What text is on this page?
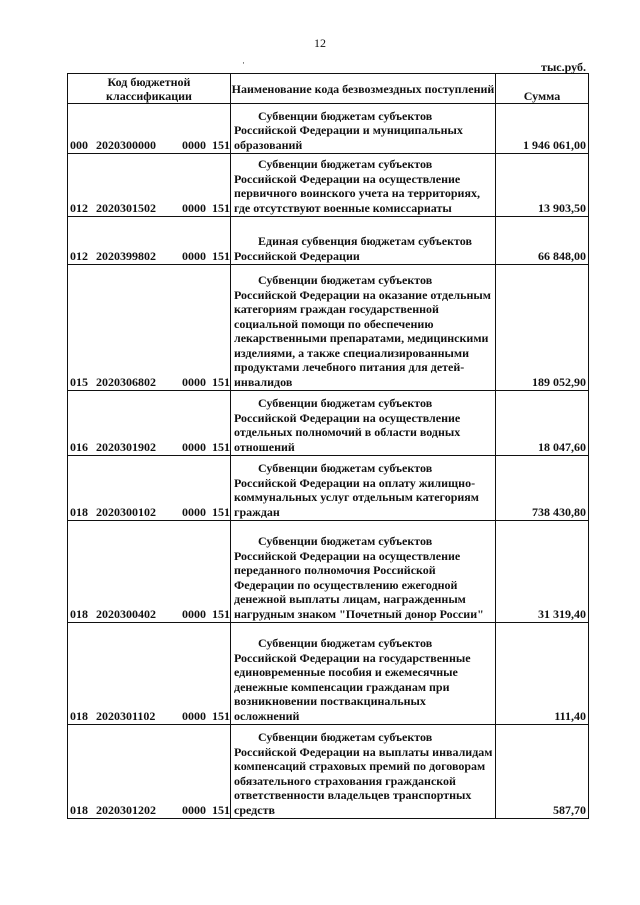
12
·	тыс.руб.
Код бюджетной классификации	Наименование кода безвозмездных поступлений	Сумма
000 2020300000 0000 151	Субвенции бюджетам субъектов Российской Федерации и муниципальных образований	1 946 061,00
012 2020301502 0000 151	Субвенции бюджетам субъектов Российской Федерации на осуществление первичного воинского учета на территориях, где отсутствуют военные комиссариаты	13 903,50
012 2020399802 0000 151	Единая субвенция бюджетам субъектов Российской Федерации	66 848,00
015 2020306802 0000 151	Субвенции бюджетам субъектов Российской Федерации на оказание отдельным категориям граждан государственной социальной помощи по обеспечению лекарственными препаратами, медицинскими изделиями, а также специализированными продуктами лечебного питания для детей-инвалидов	189 052,90
016 2020301902 0000 151	Субвенции бюджетам субъектов Российской Федерации на осуществление отдельных полномочий в области водных отношений	18 047,60
018 2020300102 0000 151	Субвенции бюджетам субъектов Российской Федерации на оплату жилищно-коммунальных услуг отдельным категориям граждан	738 430,80
018 2020300402 0000 151	Субвенции бюджетам субъектов Российской Федерации на осуществление переданного полномочия Российской Федерации по осуществлению ежегодной денежной выплаты лицам, награжденным нагрудным знаком "Почетный донор России"	31 319,40
018 2020301102 0000 151	Субвенции бюджетам субъектов Российской Федерации на государственные единовременные пособия и ежемесячные денежные компенсации гражданам при возникновении поствакцинальных осложнений	111,40
018 2020301202 0000 151	Субвенции бюджетам субъектов Российской Федерации на выплаты инвалидам компенсаций страховых премий по договорам обязательного страхования гражданской ответственности владельцев транспортных средств	587,70
